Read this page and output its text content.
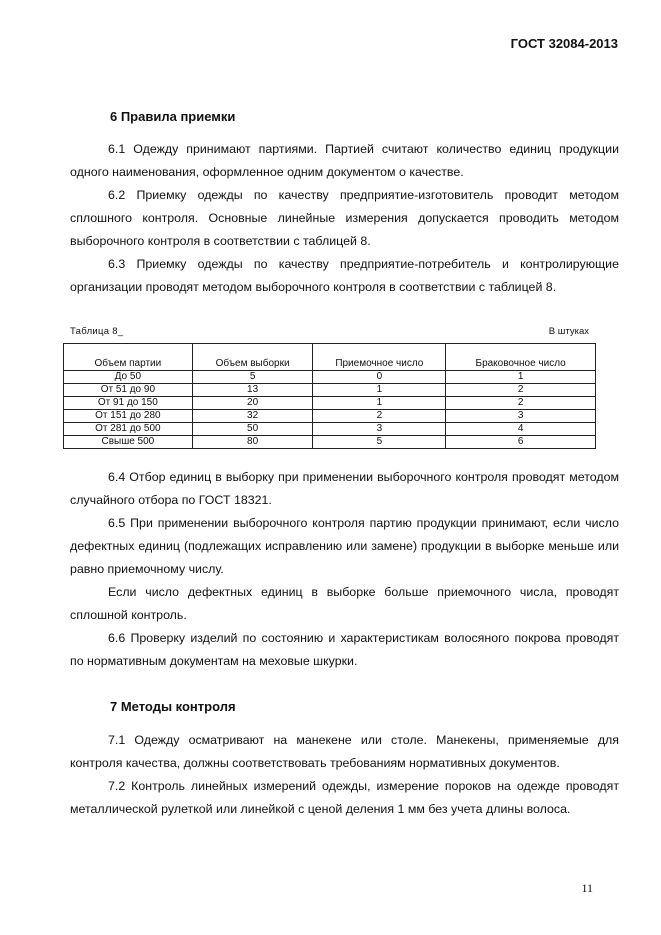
ГОСТ 32084-2013
6 Правила приемки

6.1 Одежду принимают партиями. Партией считают количество единиц продукции одного наименования, оформленное одним документом о качестве.

6.2 Приемку одежды по качеству предприятие-изготовитель проводит методом сплошного контроля. Основные линейные измерения допускается проводить методом выборочного контроля в соответствии с таблицей 8.

6.3 Приемку одежды по качеству предприятие-потребитель и контролирующие организации проводят методом выборочного контроля в соответствии с таблицей 8.

Таблица 8_	В штуках
Объем партии	Объем выборки	Приемочное число	Браковочное число
До 50	5	0	1
От 51 до 90	13	1	2
От 91 до 150	20	1	2
От 151 до 280	32	2	3
От 281 до 500	50	3	4
Свыше 500	80	5	6

6.4 Отбор единиц в выборку при применении выборочного контроля проводят методом случайного отбора по ГОСТ 18321.

6.5 При применении выборочного контроля партию продукции принимают, если число дефектных единиц (подлежащих исправлению или замене) продукции в выборке меньше или равно приемочному числу.

Если число дефектных единиц в выборке больше приемочного числа, проводят сплошной контроль.

6.6 Проверку изделий по состоянию и характеристикам волосяного покрова проводят по нормативным документам на меховые шкурки.

7 Методы контроля

7.1 Одежду осматривают на манекене или столе. Манекены, применяемые для контроля качества, должны соответствовать требованиям нормативных документов.

7.2 Контроль линейных измерений одежды, измерение пороков на одежде проводят металлической рулеткой или линейкой с ценой деления 1 мм без учета длины волоса.

11
